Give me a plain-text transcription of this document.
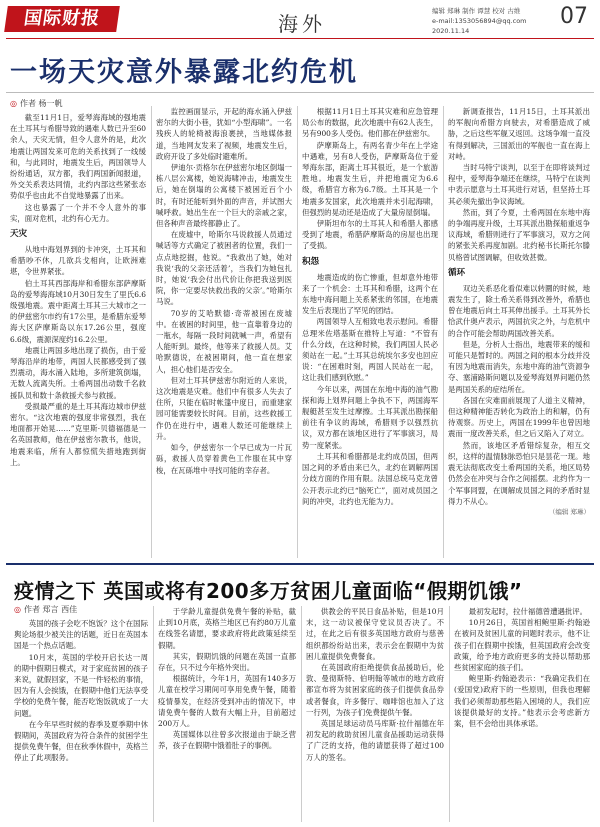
国际财报	海外
编辑 郑琳 制作 谭慧 校对 古维
e-mail:1353056894@qq.com 2020.11.14
07
一场天灾意外暴露北约危机
◎ 作者 杨一帆

截至11月1日，爱琴海海域的强地震在土耳其与希腊导致的遇难人数已升至60余人，天灾无情，但令人意外的是，此次地震让两国发来可危的关系找到了一线缓和，与此同时，地震发生后，两国领导人纷纷通话，双方都，我们两国新闻报道，外交关系表达同情，北约内部这些紧张态势似乎也由此不自觉地暴露了出来。

这也暴露了一个并不令人意外的事实，面对危机，北约有心无力。

天灾

从地中海划界到的卡冲突，土耳其和希腊吵不休，几欲兵戈相向，让欧洲难堪，令世界紧张。

伯土耳其西部海岸和希腊东部萨摩斯岛的爱琴海海域10月30日发生了里氏6.6级强地震。震中距离土耳其三大城市之一的伊兹密尔市约有17公里，是希腊东爱琴海大区萨摩斯岛以东17.26公里，强度6.6级，震源深度约16.2公里。

地震让两国多地出现了损伤，由于爱琴海沿岸的地带，两国人民都感受到了强烈震动，海水涌入陆地，多所建筑倒塌，无数人流离失所。土希两国出动数千名救援队员和数十条救援犬参与救援。

受损最严重的是土耳其海边城市伊兹密尔。“这次地震的强度非常强烈，我在地面都开始晃……”克里斯·贝德福德是一名英国教师，他在伊兹密尔教书，他说，地震来临，所有人都惊慌失措地跑到街上。

监控画面显示，开起的海水涌入伊兹密尔的大街小巷，犹如“小型海啸”。一名残疾人的轮椅被海浪裹挟，当地媒体报道，当地网友发来了视频，地震发生后，政府开设了多处临时避难所。

伊迪尔·贡格尔在伊兹密尔地区倒塌一栋八层公寓楼，她说海啸冲击，地震发生后，她在倒塌的公寓楼下被困近百个小时，有时还能听到外面的声音，并试图大喊呼救。她出生在一个巨大的亲戚之家，但各种声音最终都静止了。

在废墟中，哈斯尔马说救援人员通过喊话等方式确定了被困者的位置，我们一点点地挖掘，他说。“我救出了她，她对我说‘我的父亲还活着’，当我们为她包扎时，她说‘我会付出代价让你把我送到医院，你一定要尽快救出我的父亲’。”哈斯尔马说。

70岁的艾哈默德·奇蒂被困在废墟中。在被困的时间里，他一直靠着身边的一瓶水，每隔一段时间就喊一声，希望有人能听到。最终，他等来了救援人员。艾哈默德说，在被困期间，他一直在想家人，担心他们是否安全。

但对土耳其伊兹密尔附近的人来说，这次地震是灾难。他们中有很多人失去了住所，只能在临时帐篷中度日，而重建家园可能需要较长时间。目前，这些救援工作仍在进行中，遇难人数还可能继续上升。

如今，伊兹密尔一个早已成为一片瓦砾，救援人员穿着黄色工作服在其中穿梭，在瓦砾堆中寻找可能的幸存者。

根据11月1日土耳其灾难和应急管理局公布的数据，此次地震中有62人丧生，另有900多人受伤。他们都在伊兹密尔。

萨摩斯岛上，有两名青少年在上学途中遇难，另有8人受伤，萨摩斯岛位于爱琴海东部，距离土耳其很近，是一个旅游胜地。地震发生后，并把地震定为6.6级，希腊官方称为6.7级。土耳其是一个地震多发国家，此次地震并未引起海啸，但强烈的晃动还是造成了大量房屋倒塌。

伊斯坦布尔的土耳其人和希腊人都感受到了地震，希腊萨摩斯岛的房屋也出现了受损。

积怨

地震造成的伤亡惨重，但却意外地带来了一个机会：土耳其和希腊，这两个在东地中海问题上关系紧张的邻国，在地震发生后表现出了罕见的团结。

两国领导人互相致电表示慰问。希腊总理米佐塔基斯在推特上写道：“不管有什么分歧，在这种时候，我们两国人民必须站在一起。”土耳其总统埃尔多安也回应说：“在困难时刻，两国人民站在一起，这让我们感到欣慰。”

今年以来，两国在东地中海的油气勘探和海上划界问题上争执不下，两国海军舰艇甚至发生过摩擦。土耳其派出勘探船前往有争议的海域，希腊则予以强烈抗议，双方都在该地区进行了军事演习，局势一度紧张。

土耳其和希腊都是北约成员国，但两国之间的矛盾由来已久，北约在调解两国分歧方面的作用有限。法国总统马克龙曾公开表示北约已“脑死亡”，面对成员国之间的冲突，北约也无能为力。

新调查报告，11月15日，土耳其派出的军舰向希腊方向驶去，对希腊造成了威胁，之后这些军舰又返回。这场争端一直没有得到解决，三国派出的军舰也一直在海上对峙。

当时马特宁谈判，以至于在即将谈判过程中，爱琴海争端还在继续，马特宁在谈判中表示愿意与土耳其进行对话，但坚持土耳其必须先撤出争议海域。

然而，到了今夏，土希两国在东地中海的争端再度升级，土耳其派出勘探船重返争议海域，希腊则进行了军事演习，双方之间的紧张关系再度加剧。北约秘书长斯托尔滕贝格曾试图调解，但收效甚微。

循环

双边关系恶化看似难以转圜的时候，地震发生了，除土希关系得到改善外，希腊也曾在地震后向土耳其伸出援手。土耳其外长恰武什奥卢表示，两国抗灾之外，与危机中的合作可能会帮助两国改善关系。

但是，分析人士指出，地震带来的缓和可能只是暂时的。两国之间的根本分歧并没有因为地震而消失，东地中海的油气资源争夺、塞浦路斯问题以及爱琴海划界问题仍然是两国关系的症结所在。

各国在灾难面前展现了人道主义精神，但这种精神能否转化为政治上的和解，仍有待观察。历史上，两国在1999年也曾因地震而一度改善关系，但之后又陷入了对立。

然而，该地区矛盾错综复杂，相互交织，这样的温情脉脉恐怕只是昙花一现。地震无法彻底改变土希两国的关系，地区局势仍然会在冲突与合作之间摇摆。北约作为一个军事同盟，在调解成员国之间的矛盾时显得力不从心。

（编辑 郑琳）
疫情之下 英国或将有200多万贫困儿童面临“假期饥饿”
◎ 作者 郑言 西佳

英国的孩子会吃不饱饭？这个在国际舆论场很少被关注的话题，近日在英国本国是一个热点话题。

10月末，英国的学校开启长达一周的期中假期日模式，对于家庭贫困的孩子来说，就假回家，不是一件轻松的事情，因为有人会挨饿，在假期中他们无法享受学校的免费午餐，能否吃饱饭就成了一大问题。

在今年早些时候的春季及夏季期中休假期间，英国政府为符合条件的贫困学生提供免费午餐，但在秋季休假中，英格兰停止了此项服务。

于学龄儿童提供免费午餐的补贴，截止到10月底，英格兰地区已有约80万儿童在线签名请愿，要求政府将此政策延续至假期。

其实，假期饥饿的问题在英国一直都存在，只不过今年格外突出。

根据统计，今年1月，英国有140多万儿童在校学习期间可享用免费午餐，随着疫情暴发，在经济受到冲击的情况下，申请免费午餐的人数有大幅上升，目前超过200万人。

英国媒体以往曾多次报道由于缺乏营养，孩子在假期中饿着肚子的事例。

供教会的平民日食品补贴，但是10月末，这一动议被保守党议员否决了。不过，在此之后有很多英国地方政府与慈善组织都纷纷站出来，表示会在假期中为贫困儿童提供免费餐食。

在英国政府拒绝提供食品援助后，伦敦、曼彻斯特、伯明翰等城市的地方政府都宣布将为贫困家庭的孩子们提供食品券或者餐食，许多餐厅、咖啡馆也加入了这一行列，为孩子们免费提供午餐。

英国足球运动员马库斯·拉什福德在年初发起的救助贫困儿童食品援助运动获得了广泛的支持，他的请愿获得了超过100万人的签名。

最初发起时，拉什福德曾遭遇批评。

10月26日，英国首相鲍里斯·约翰逊在被问及贫困儿童的问题时表示，他不让孩子们在假期中挨饿，但英国政府会改变政策，给予地方政府更多的支持以帮助那些贫困家庭的孩子们。

鲍里斯·约翰逊表示：“我确定我们在(爱国党)政府下的一些原则，但我也理解我们必须帮助那些陷入困境的人，我们应该提供最好的支持。”他表示会考虑新方案，但不会给出具体承诺。
